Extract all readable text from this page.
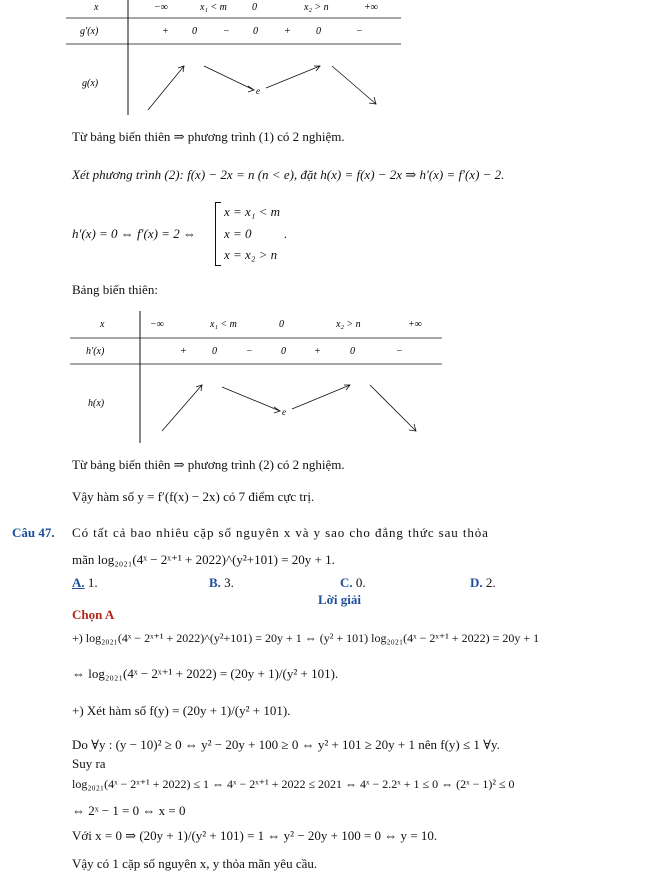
x	−∞	x₁ < m	0	x₂ > n	+∞
g′(x)	+ 0	− 0	+	0	−
g(x)
e
Từ bảng biến thiên ⇒ phương trình (1) có 2 nghiệm.
Xét phương trình (2): f(x) − 2x = n (n < e), đặt h(x) = f(x) − 2x ⇒ h′(x) = f′(x) − 2.
h′(x) = 0 ⇔ f′(x) = 2 ⇔
x = x₁ < m
x = 0
x = x₂ > n
.
Bảng biến thiên:
x	−∞	x₁ < m	0	x₂ > n	+∞
h′(x)	+	0	−	0	+	0	−
h(x)
e
Từ bảng biến thiên ⇒ phương trình (2) có 2 nghiệm.
Vậy hàm số y = f′(f(x) − 2x) có 7 điểm cực trị.
Câu 47. Có tất cả bao nhiêu cặp số nguyên x và y sao cho đẳng thức sau thỏa
mãn log₂₀₂₁(4ˣ − 2ˣ⁺¹ + 2022)^(y²+101) = 20y + 1.
A. 1.	B. 3.	C. 0.	D. 2.
Lời giải
Chọn A
+) log₂₀₂₁(4ˣ − 2ˣ⁺¹ + 2022)^(y²+101) = 20y + 1 ⇔ (y² + 101) log₂₀₂₁(4ˣ − 2ˣ⁺¹ + 2022) = 20y + 1
⇔ log₂₀₂₁(4ˣ − 2ˣ⁺¹ + 2022) = (20y + 1)/(y² + 101).
+) Xét hàm số f(y) = (20y + 1)/(y² + 101).
Do ∀y : (y − 10)² ≥ 0 ⇔ y² − 20y + 100 ≥ 0 ⇔ y² + 101 ≥ 20y + 1 nên f(y) ≤ 1 ∀y.
Suy ra
log₂₀₂₁(4ˣ − 2ˣ⁺¹ + 2022) ≤ 1 ⇔ 4ˣ − 2ˣ⁺¹ + 2022 ≤ 2021 ⇔ 4ˣ − 2.2ˣ + 1 ≤ 0 ⇔ (2ˣ − 1)² ≤ 0
⇔ 2ˣ − 1 = 0 ⇔ x = 0
Với x = 0 ⇒ (20y + 1)/(y² + 101) = 1 ⇔ y² − 20y + 100 = 0 ⇔ y = 10.
Vậy có 1 cặp số nguyên x, y thỏa mãn yêu cầu.
